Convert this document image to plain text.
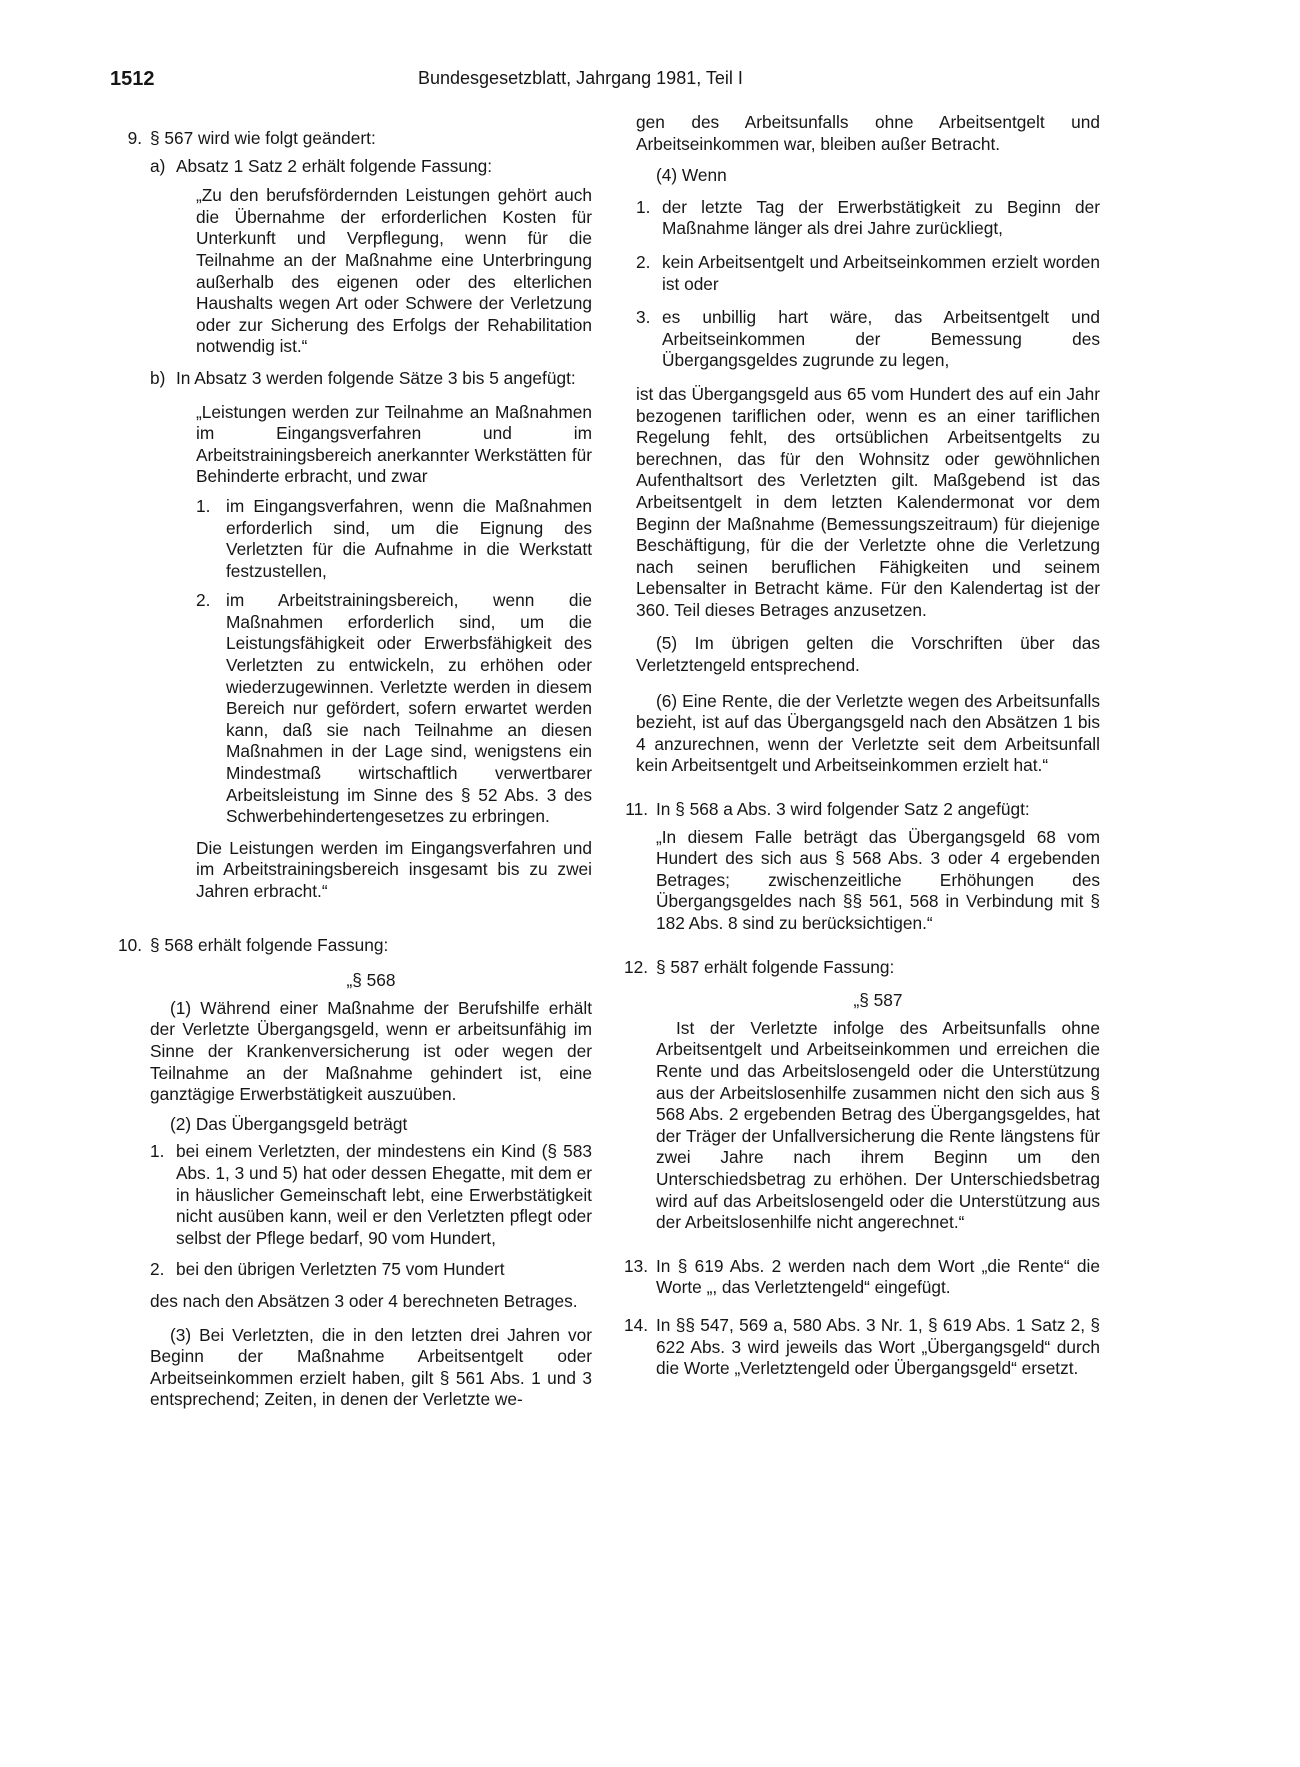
1512	Bundesgesetzblatt, Jahrgang 1981, Teil I
9. § 567 wird wie folgt geändert:

a) Absatz 1 Satz 2 erhält folgende Fassung:

„Zu den berufsfördernden Leistungen gehört auch die Übernahme der erforderlichen Kosten für Unterkunft und Verpflegung, wenn für die Teilnahme an der Maßnahme eine Unterbringung außerhalb des eigenen oder des elterlichen Haushalts wegen Art oder Schwere der Verletzung oder zur Sicherung des Erfolgs der Rehabilitation notwendig ist.“

b) In Absatz 3 werden folgende Sätze 3 bis 5 angefügt:

„Leistungen werden zur Teilnahme an Maßnahmen im Eingangsverfahren und im Arbeitstrainingsbereich anerkannter Werkstätten für Behinderte erbracht, und zwar

1. im Eingangsverfahren, wenn die Maßnahmen erforderlich sind, um die Eignung des Verletzten für die Aufnahme in die Werkstatt festzustellen,

2. im Arbeitstrainingsbereich, wenn die Maßnahmen erforderlich sind, um die Leistungsfähigkeit oder Erwerbsfähigkeit des Verletzten zu entwickeln, zu erhöhen oder wiederzugewinnen. Verletzte werden in diesem Bereich nur gefördert, sofern erwartet werden kann, daß sie nach Teilnahme an diesen Maßnahmen in der Lage sind, wenigstens ein Mindestmaß wirtschaftlich verwertbarer Arbeitsleistung im Sinne des § 52 Abs. 3 des Schwerbehindertengesetzes zu erbringen.

Die Leistungen werden im Eingangsverfahren und im Arbeitstrainingsbereich insgesamt bis zu zwei Jahren erbracht.“

10. § 568 erhält folgende Fassung:

„§ 568

(1) Während einer Maßnahme der Berufshilfe erhält der Verletzte Übergangsgeld, wenn er arbeitsunfähig im Sinne der Krankenversicherung ist oder wegen der Teilnahme an der Maßnahme gehindert ist, eine ganztägige Erwerbstätigkeit auszuüben.

(2) Das Übergangsgeld beträgt

1. bei einem Verletzten, der mindestens ein Kind (§ 583 Abs. 1, 3 und 5) hat oder dessen Ehegatte, mit dem er in häuslicher Gemeinschaft lebt, eine Erwerbstätigkeit nicht ausüben kann, weil er den Verletzten pflegt oder selbst der Pflege bedarf, 90 vom Hundert,

2. bei den übrigen Verletzten 75 vom Hundert

des nach den Absätzen 3 oder 4 berechneten Betrages.

(3) Bei Verletzten, die in den letzten drei Jahren vor Beginn der Maßnahme Arbeitsentgelt oder Arbeitseinkommen erzielt haben, gilt § 561 Abs. 1 und 3 entsprechend; Zeiten, in denen der Verletzte we-

gen des Arbeitsunfalls ohne Arbeitsentgelt und Arbeitseinkommen war, bleiben außer Betracht.

(4) Wenn

1. der letzte Tag der Erwerbstätigkeit zu Beginn der Maßnahme länger als drei Jahre zurückliegt,

2. kein Arbeitsentgelt und Arbeitseinkommen erzielt worden ist oder

3. es unbillig hart wäre, das Arbeitsentgelt und Arbeitseinkommen der Bemessung des Übergangsgeldes zugrunde zu legen,

ist das Übergangsgeld aus 65 vom Hundert des auf ein Jahr bezogenen tariflichen oder, wenn es an einer tariflichen Regelung fehlt, des ortsüblichen Arbeitsentgelts zu berechnen, das für den Wohnsitz oder gewöhnlichen Aufenthaltsort des Verletzten gilt. Maßgebend ist das Arbeitsentgelt in dem letzten Kalendermonat vor dem Beginn der Maßnahme (Bemessungszeitraum) für diejenige Beschäftigung, für die der Verletzte ohne die Verletzung nach seinen beruflichen Fähigkeiten und seinem Lebensalter in Betracht käme. Für den Kalendertag ist der 360. Teil dieses Betrages anzusetzen.

(5) Im übrigen gelten die Vorschriften über das Verletztengeld entsprechend.

(6) Eine Rente, die der Verletzte wegen des Arbeitsunfalls bezieht, ist auf das Übergangsgeld nach den Absätzen 1 bis 4 anzurechnen, wenn der Verletzte seit dem Arbeitsunfall kein Arbeitsentgelt und Arbeitseinkommen erzielt hat.“

11. In § 568 a Abs. 3 wird folgender Satz 2 angefügt:

„In diesem Falle beträgt das Übergangsgeld 68 vom Hundert des sich aus § 568 Abs. 3 oder 4 ergebenden Betrages; zwischenzeitliche Erhöhungen des Übergangsgeldes nach §§ 561, 568 in Verbindung mit § 182 Abs. 8 sind zu berücksichtigen.“

12. § 587 erhält folgende Fassung:

„§ 587

Ist der Verletzte infolge des Arbeitsunfalls ohne Arbeitsentgelt und Arbeitseinkommen und erreichen die Rente und das Arbeitslosengeld oder die Unterstützung aus der Arbeitslosenhilfe zusammen nicht den sich aus § 568 Abs. 2 ergebenden Betrag des Übergangsgeldes, hat der Träger der Unfallversicherung die Rente längstens für zwei Jahre nach ihrem Beginn um den Unterschiedsbetrag zu erhöhen. Der Unterschiedsbetrag wird auf das Arbeitslosengeld oder die Unterstützung aus der Arbeitslosenhilfe nicht angerechnet.“

13. In § 619 Abs. 2 werden nach dem Wort „die Rente“ die Worte „, das Verletztengeld“ eingefügt.

14. In §§ 547, 569 a, 580 Abs. 3 Nr. 1, § 619 Abs. 1 Satz 2, § 622 Abs. 3 wird jeweils das Wort „Übergangsgeld“ durch die Worte „Verletztengeld oder Übergangsgeld“ ersetzt.
